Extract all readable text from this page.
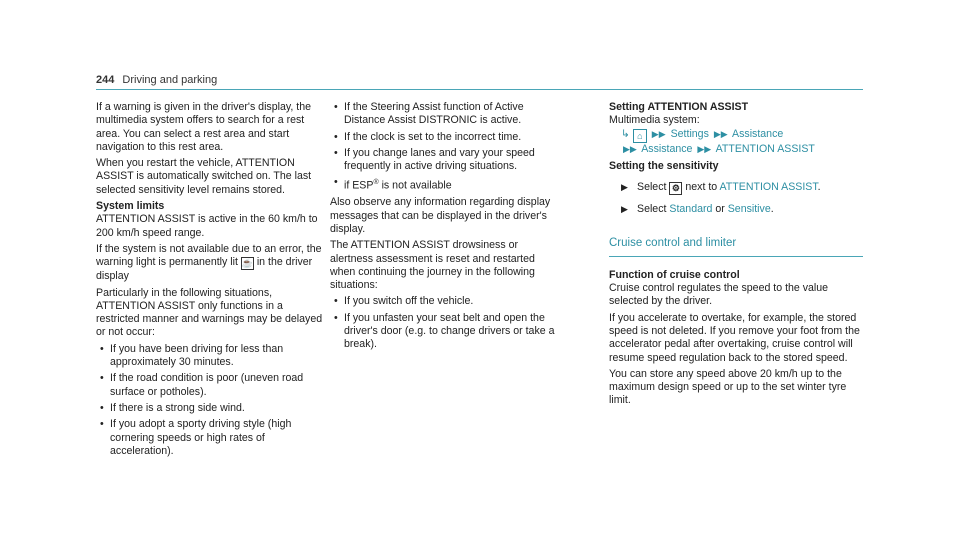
244 Driving and parking

If a warning is given in the driver's display, the multimedia system offers to search for a rest area. You can select a rest area and start navigation to this rest area.

When you restart the vehicle, ATTENTION ASSIST is automatically switched on. The last selected sensitivity level remains stored.

System limits

ATTENTION ASSIST is active in the 60 km/h to 200 km/h speed range.

If the system is not available due to an error, the warning light is permanently lit ☕ in the driver display

Particularly in the following situations, ATTENTION ASSIST only functions in a restricted manner and warnings may be delayed or not occur:

• If you have been driving for less than approximately 30 minutes.
• If the road condition is poor (uneven road surface or potholes).
• If there is a strong side wind.
• If you adopt a sporty driving style (high cornering speeds or high rates of acceleration).
• If the Steering Assist function of Active Distance Assist DISTRONIC is active.
• If the clock is set to the incorrect time.
• If you change lanes and vary your speed frequently in active driving situations.
• if ESP® is not available

Also observe any information regarding display messages that can be displayed in the driver's display.

The ATTENTION ASSIST drowsiness or alertness assessment is reset and restarted when continuing the journey in the following situations:

• If you switch off the vehicle.
• If you unfasten your seat belt and open the driver's door (e.g. to change drivers or take a break).
Setting ATTENTION ASSIST

Multimedia system:

↳ ⌂ ▶▶ Settings ▶▶ Assistance
▶▶ Assistance ▶▶ ATTENTION ASSIST
Setting the sensitivity
▶ Select ⚙ next to ATTENTION ASSIST.
▶ Select Standard or Sensitive.
Cruise control and limiter
Function of cruise control

Cruise control regulates the speed to the value selected by the driver.

If you accelerate to overtake, for example, the stored speed is not deleted. If you remove your foot from the accelerator pedal after overtaking, cruise control will resume speed regulation back to the stored speed.

You can store any speed above 20 km/h up to the maximum design speed or up to the set winter tyre limit.
